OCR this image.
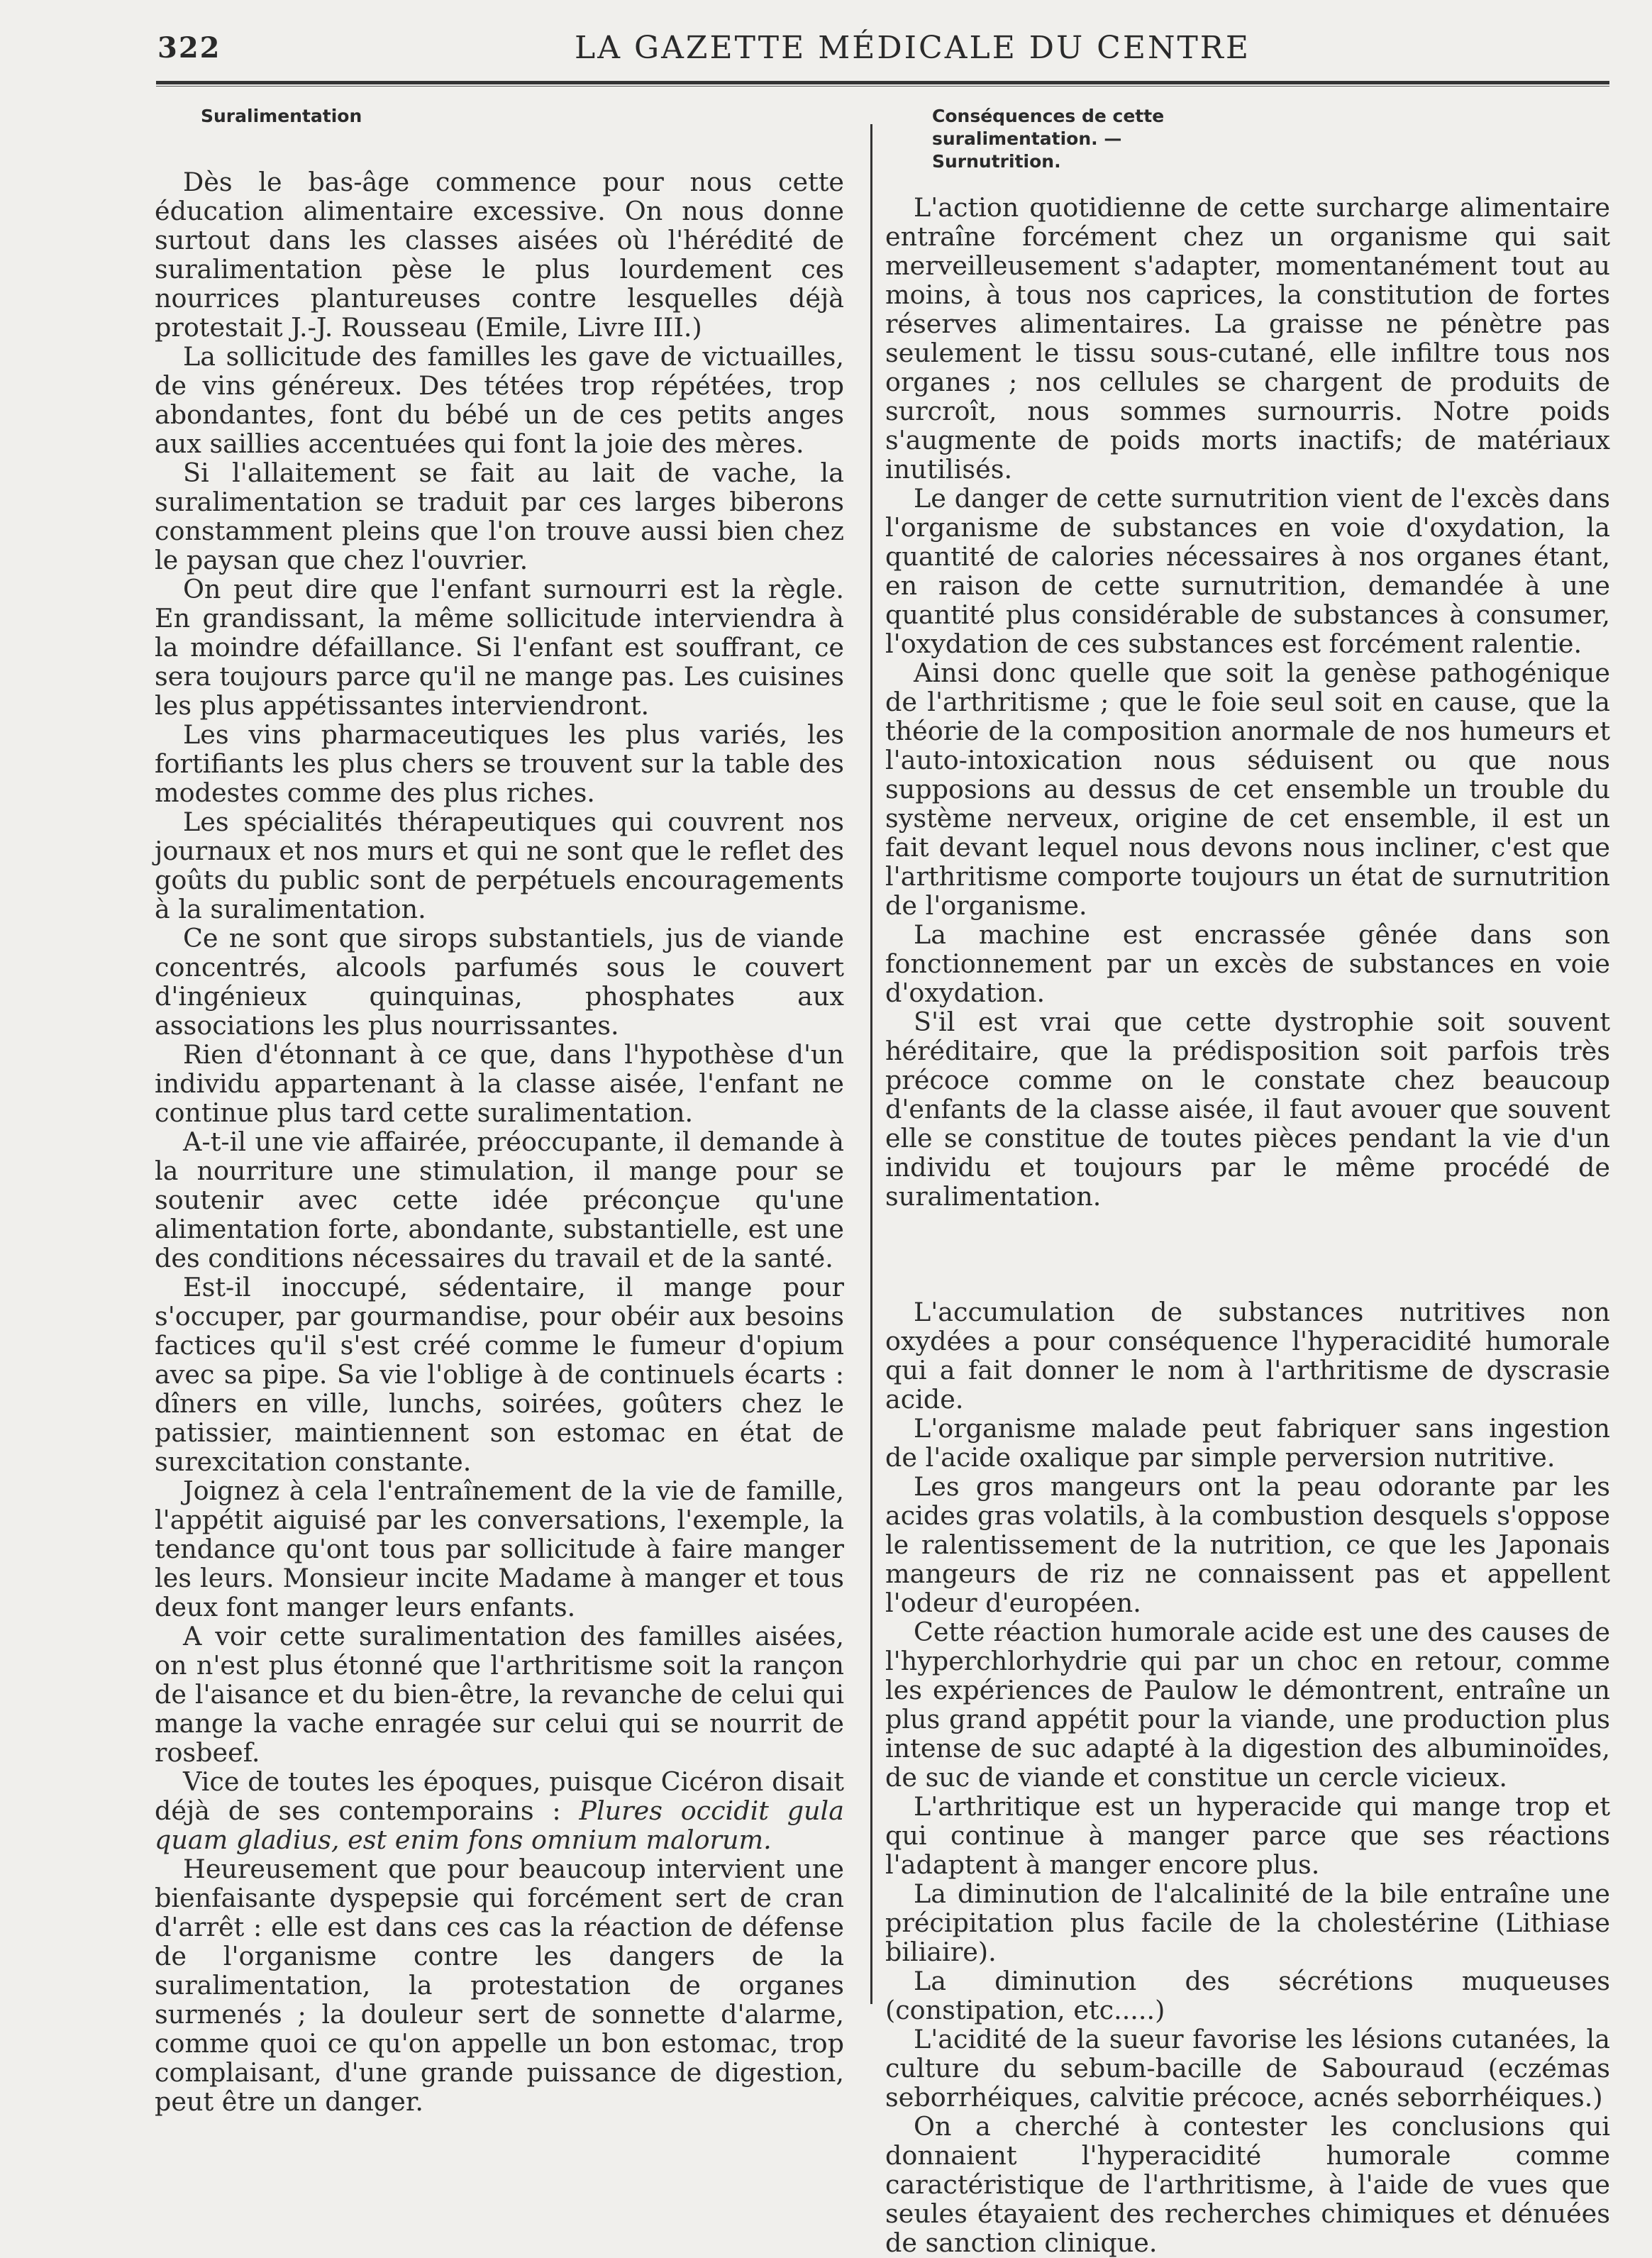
322	LA GAZETTE MÉDICALE DU CENTRE
Suralimentation

Dès le bas-âge commence pour nous cette éducation alimentaire excessive. On nous donne surtout dans les classes aisées où l'hérédité de suralimentation pèse le plus lourdement ces nourrices plantureuses contre lesquelles déjà protestait J.-J. Rousseau (Emile, Livre III.)

La sollicitude des familles les gave de victuailles, de vins généreux. Des tétées trop répétées, trop abondantes, font du bébé un de ces petits anges aux saillies accentuées qui font la joie des mères.

Si l'allaitement se fait au lait de vache, la suralimentation se traduit par ces larges biberons constamment pleins que l'on trouve aussi bien chez le paysan que chez l'ouvrier.

On peut dire que l'enfant surnourri est la règle. En grandissant, la même sollicitude interviendra à la moindre défaillance. Si l'enfant est souffrant, ce sera toujours parce qu'il ne mange pas. Les cuisines les plus appétissantes interviendront.

Les vins pharmaceutiques les plus variés, les fortifiants les plus chers se trouvent sur la table des modestes comme des plus riches.

Les spécialités thérapeutiques qui couvrent nos journaux et nos murs et qui ne sont que le reflet des goûts du public sont de perpétuels encouragements à la suralimentation.

Ce ne sont que sirops substantiels, jus de viande concentrés, alcools parfumés sous le couvert d'ingénieux quinquinas, phosphates aux associations les plus nourrissantes.

Rien d'étonnant à ce que, dans l'hypothèse d'un individu appartenant à la classe aisée, l'enfant ne continue plus tard cette suralimentation.

A-t-il une vie affairée, préoccupante, il demande à la nourriture une stimulation, il mange pour se soutenir avec cette idée préconçue qu'une alimentation forte, abondante, substantielle, est une des conditions nécessaires du travail et de la santé.

Est-il inoccupé, sédentaire, il mange pour s'occuper, par gourmandise, pour obéir aux besoins factices qu'il s'est créé comme le fumeur d'opium avec sa pipe. Sa vie l'oblige à de continuels écarts : dîners en ville, lunchs, soirées, goûters chez le patissier, maintiennent son estomac en état de surexcitation constante.

Joignez à cela l'entraînement de la vie de famille, l'appétit aiguisé par les conversations, l'exemple, la tendance qu'ont tous par sollicitude à faire manger les leurs. Monsieur incite Madame à manger et tous deux font manger leurs enfants.

A voir cette suralimentation des familles aisées, on n'est plus étonné que l'arthritisme soit la rançon de l'aisance et du bien-être, la revanche de celui qui mange la vache enragée sur celui qui se nourrit de rosbeef.

Vice de toutes les époques, puisque Cicéron disait déjà de ses contemporains : Plures occidit gula quam gladius, est enim fons omnium malorum.

Heureusement que pour beaucoup intervient une bienfaisante dyspepsie qui forcément sert de cran d'arrêt : elle est dans ces cas la réaction de défense de l'organisme contre les dangers de la suralimentation, la protestation de organes surmenés ; la douleur sert de sonnette d'alarme, comme quoi ce qu'on appelle un bon estomac, trop complaisant, d'une grande puissance de digestion, peut être un danger.

Conséquences de cette suralimentation. — Surnutrition.

L'action quotidienne de cette surcharge alimentaire entraîne forcément chez un organisme qui sait merveilleusement s'adapter, momentanément tout au moins, à tous nos caprices, la constitution de fortes réserves alimentaires. La graisse ne pénètre pas seulement le tissu sous-cutané, elle infiltre tous nos organes ; nos cellules se chargent de produits de surcroît, nous sommes surnourris. Notre poids s'augmente de poids morts inactifs; de matériaux inutilisés.

Le danger de cette surnutrition vient de l'excès dans l'organisme de substances en voie d'oxydation, la quantité de calories nécessaires à nos organes étant, en raison de cette surnutrition, demandée à une quantité plus considérable de substances à consumer, l'oxydation de ces substances est forcément ralentie.

Ainsi donc quelle que soit la genèse pathogénique de l'arthritisme ; que le foie seul soit en cause, que la théorie de la composition anormale de nos humeurs et l'auto-intoxication nous séduisent ou que nous supposions au dessus de cet ensemble un trouble du système nerveux, origine de cet ensemble, il est un fait devant lequel nous devons nous incliner, c'est que l'arthritisme comporte toujours un état de surnutrition de l'organisme.

La machine est encrassée gênée dans son fonctionnement par un excès de substances en voie d'oxydation.

S'il est vrai que cette dystrophie soit souvent héréditaire, que la prédisposition soit parfois très précoce comme on le constate chez beaucoup d'enfants de la classe aisée, il faut avouer que souvent elle se constitue de toutes pièces pendant la vie d'un individu et toujours par le même procédé de suralimentation.

L'accumulation de substances nutritives non oxydées a pour conséquence l'hyperacidité humorale qui a fait donner le nom à l'arthritisme de dyscrasie acide.

L'organisme malade peut fabriquer sans ingestion de l'acide oxalique par simple perversion nutritive.

Les gros mangeurs ont la peau odorante par les acides gras volatils, à la combustion desquels s'oppose le ralentissement de la nutrition, ce que les Japonais mangeurs de riz ne connaissent pas et appellent l'odeur d'européen.

Cette réaction humorale acide est une des causes de l'hyperchlorhydrie qui par un choc en retour, comme les expériences de Paulow le démontrent, entraîne un plus grand appétit pour la viande, une production plus intense de suc adapté à la digestion des albuminoïdes, de suc de viande et constitue un cercle vicieux.

L'arthritique est un hyperacide qui mange trop et qui continue à manger parce que ses réactions l'adaptent à manger encore plus.

La diminution de l'alcalinité de la bile entraîne une précipitation plus facile de la cholestérine (Lithiase biliaire).

La diminution des sécrétions muqueuses (constipation, etc.....)

L'acidité de la sueur favorise les lésions cutanées, la culture du sebum-bacille de Sabouraud (eczémas seborrhéiques, calvitie précoce, acnés seborrhéiques.)

On a cherché à contester les conclusions qui donnaient l'hyperacidité humorale comme caractéristique de l'arthritisme, à l'aide de vues que seules étayaient des recherches chimiques et dénuées de sanction clinique.
